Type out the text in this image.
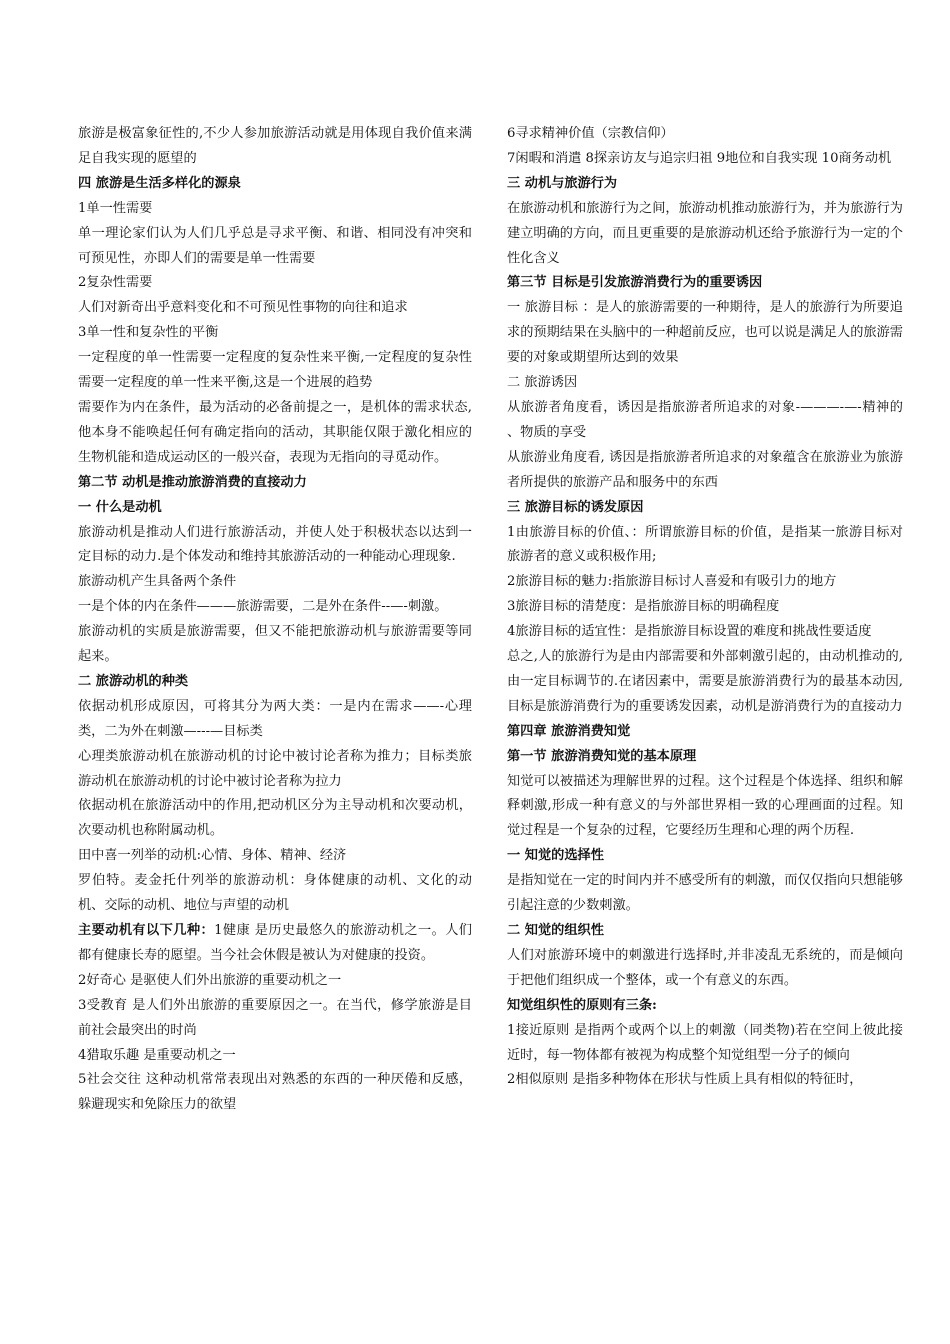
旅游是极富象征性的,不少人参加旅游活动就是用体现自我价值来满足自我实现的愿望的

四 旅游是生活多样化的源泉

1单一性需要

单一理论家们认为人们几乎总是寻求平衡、和谐、相同没有冲突和可预见性，亦即人们的需要是单一性需要

2复杂性需要

人们对新奇出乎意料变化和不可预见性事物的向往和追求

3单一性和复杂性的平衡

一定程度的单一性需要一定程度的复杂性来平衡,一定程度的复杂性需要一定程度的单一性来平衡,这是一个进展的趋势

需要作为内在条件，最为活动的必备前提之一，是机体的需求状态,他本身不能唤起任何有确定指向的活动，其职能仅限于激化相应的生物机能和造成运动区的一般兴奋，表现为无指向的寻觅动作。

第二节 动机是推动旅游消费的直接动力

一 什么是动机

旅游动机是推动人们进行旅游活动，并使人处于积极状态以达到一定目标的动力.是个体发动和维持其旅游活动的一种能动心理现象.

旅游动机产生具备两个条件

一是个体的内在条件———旅游需要，二是外在条件--—-刺激。

旅游动机的实质是旅游需要，但又不能把旅游动机与旅游需要等同起来。

二 旅游动机的种类

依据动机形成原因，可将其分为两大类：一是内在需求——-心理类，二为外在刺激—---—目标类

心理类旅游动机在旅游动机的讨论中被讨论者称为推力；目标类旅游动机在旅游动机的讨论中被讨论者称为拉力

依据动机在旅游活动中的作用,把动机区分为主导动机和次要动机，次要动机也称附属动机。

田中喜一列举的动机:心情、身体、精神、经济

罗伯特。麦金托什列举的旅游动机：身体健康的动机、文化的动机、交际的动机、地位与声望的动机

主要动机有以下几种：1健康 是历史最悠久的旅游动机之一。人们都有健康长寿的愿望。当今社会休假是被认为对健康的投资。

2好奇心 是驱使人们外出旅游的重要动机之一

3受教育 是人们外出旅游的重要原因之一。在当代，修学旅游是目前社会最突出的时尚

4猎取乐趣 是重要动机之一

5社会交往 这种动机常常表现出对熟悉的东西的一种厌倦和反感，躲避现实和免除压力的欲望

6寻求精神价值（宗教信仰）

7闲暇和消遣 8探亲访友与追宗归祖 9地位和自我实现 10商务动机

三 动机与旅游行为

在旅游动机和旅游行为之间，旅游动机推动旅游行为，并为旅游行为建立明确的方向，而且更重要的是旅游动机还给予旅游行为一定的个性化含义

第三节 目标是引发旅游消费行为的重要诱因

一 旅游目标 ：是人的旅游需要的一种期待，是人的旅游行为所要追求的预期结果在头脑中的一种超前反应，也可以说是满足人的旅游需要的对象或期望所达到的效果

二 旅游诱因

从旅游者角度看，诱因是指旅游者所追求的对象-———-—-精神的 、物质的享受

从旅游业角度看, 诱因是指旅游者所追求的对象蕴含在旅游业为旅游者所提供的旅游产品和服务中的东西

三 旅游目标的诱发原因

1由旅游目标的价值、：所谓旅游目标的价值，是指某一旅游目标对旅游者的意义或积极作用;

2旅游目标的魅力:指旅游目标讨人喜爱和有吸引力的地方

3旅游目标的清楚度：是指旅游目标的明确程度

4旅游目标的适宜性：是指旅游目标设置的难度和挑战性要适度

总之,人的旅游行为是由内部需要和外部刺激引起的，由动机推动的,由一定目标调节的.在诸因素中，需要是旅游消费行为的最基本动因,目标是旅游消费行为的重要诱发因素，动机是游消费行为的直接动力

第四章 旅游消费知觉

第一节 旅游消费知觉的基本原理

知觉可以被描述为理解世界的过程。这个过程是个体选择、组织和解释刺激,形成一种有意义的与外部世界相一致的心理画面的过程。知觉过程是一个复杂的过程，它要经历生理和心理的两个历程.

一 知觉的选择性

是指知觉在一定的时间内并不感受所有的刺激，而仅仅指向只想能够引起注意的少数刺激。

二 知觉的组织性

人们对旅游环境中的刺激进行选择时,并非凌乱无系统的，而是倾向于把他们组织成一个整体，或一个有意义的东西。

知觉组织性的原则有三条:

1接近原则 是指两个或两个以上的刺激（同类物)若在空间上彼此接近时，每一物体都有被视为构成整个知觉组型一分子的倾向

2相似原则 是指多种物体在形状与性质上具有相似的特征时，
